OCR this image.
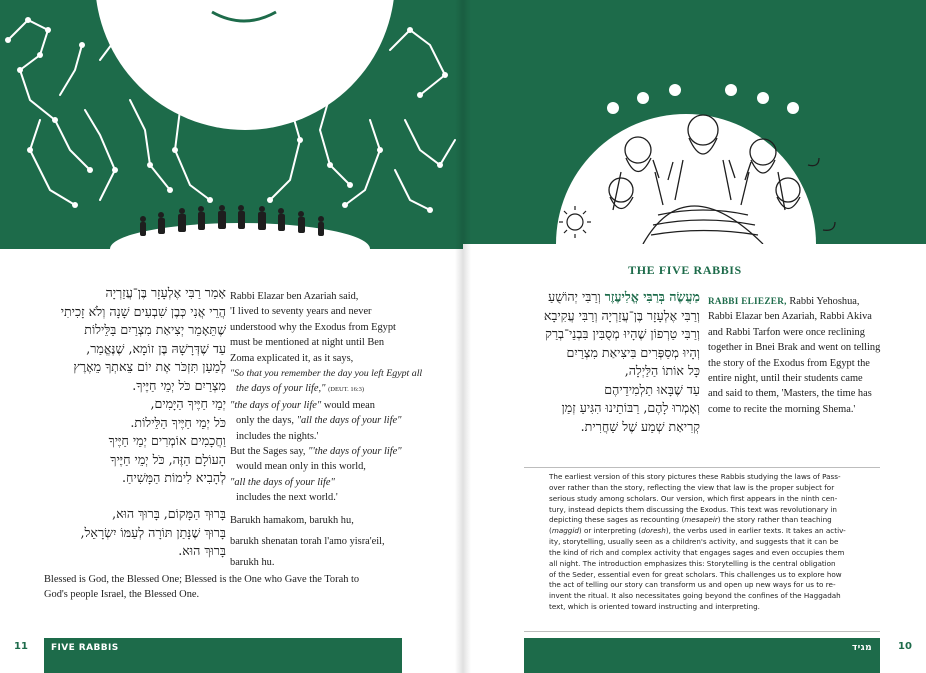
אָמַר רַבִּי אֶלְעָזָר בֶּן־עֲזַרְיָה
הֲרֵי אֲנִי כְּבֶן שִׁבְעִים שָׁנָה וְלֹא זָכִיתִי
שֶׁתֵּאָמֵר יְצִיאַת מִצְרַיִם בַּלֵּילוֹת
עַד שֶׁדְּרָשָׁהּ בֶּן זוֹמָא, שֶׁנֶּאֱמַר,
לְמַעַן תִּזְכֹּר אֶת יוֹם צֵאתְךָ מֵאֶרֶץ
מִצְרַיִם כֹּל יְמֵי חַיֶּיךָ.
יְמֵי חַיֶּיךָ הַיָּמִים,
כֹּל יְמֵי חַיֶּיךָ הַלֵּילוֹת.
וַחֲכָמִים אוֹמְרִים יְמֵי חַיֶּיךָ
הָעוֹלָם הַזֶּה, כֹּל יְמֵי חַיֶּיךָ
לְהָבִיא לִימוֹת הַמָּשִׁיחַ.
Rabbi Elazar ben Azariah said,
'I lived to seventy years and never
understood why the Exodus from Egypt
must be mentioned at night until Ben
Zoma explicated it, as it says,
"So that you remember the day you left Egypt all
the days of your life," (DEUT. 16:3)
"the days of your life" would mean
only the days, "all the days of your life"
includes the nights.'
But the Sages say, "'the days of your life"
would mean only in this world,
"all the days of your life"
includes the next world.'
בָּרוּךְ הַמָּקוֹם, בָּרוּךְ הוּא,
בָּרוּךְ שֶׁנָּתַן תּוֹרָה לְעַמּוֹ יִשְׂרָאֵל,
בָּרוּךְ הוּא.
Barukh hamakom, barukh hu,
barukh shenatan torah l'amo yisra'eil,
barukh hu.
Blessed is God, the Blessed One; Blessed is the One who Gave the Torah to
God's people Israel, the Blessed One.
11	FIVE RABBIS
THE FIVE RABBIS
מַעֲשֶׂה בְּרַבִּי אֱלִיעֶזֶר וְרַבִּי יְהוֹשֻׁעַ
וְרַבִּי אֶלְעָזָר בֶּן־עֲזַרְיָה וְרַבִּי עֲקִיבָא
וְרַבִּי טַרְפוֹן שֶׁהָיוּ מְסֻבִּין בִּבְנֵי־בְרַק
וְהָיוּ מְסַפְּרִים בִּיצִיאַת מִצְרַיִם
כָּל אוֹתוֹ הַלַּיְלָה,
עַד שֶׁבָּאוּ תַלְמִידֵיהֶם
וְאָמְרוּ לָהֶם, רַבּוֹתֵינוּ הִגִּיעַ זְמַן
קְרִיאַת שְׁמַע שֶׁל שַׁחֲרִית.
RABBI ELIEZER, Rabbi Yehoshua,
Rabbi Elazar ben Azariah, Rabbi Akiva
and Rabbi Tarfon were once reclining
together in Bnei Brak and went on telling
the story of the Exodus from Egypt the
entire night, until their students came
and said to them, 'Masters, the time has
come to recite the morning Shema.'
The earliest version of this story pictures these Rabbis studying the laws of Pass-
over rather than the story, reflecting the view that law is the proper subject for
serious study among scholars. Our version, which first appears in the ninth cen-
tury, instead depicts them discussing the Exodus. This text was revolutionary in
depicting these sages as recounting (mesapeir) the story rather than teaching
(maggid) or interpreting (doresh), the verbs used in earlier texts. It takes an activ-
ity, storytelling, usually seen as a children's activity, and suggests that it can be
the kind of rich and complex activity that engages sages and even occupies them
all night. The introduction emphasizes this: Storytelling is the central obligation
of the Seder, essential even for great scholars. This challenges us to explore how
the act of telling our story can transform us and open up new ways for us to re-
invent the ritual. It also necessitates going beyond the confines of the Haggadah
text, which is oriented toward instructing and interpreting.
מגיד	10
